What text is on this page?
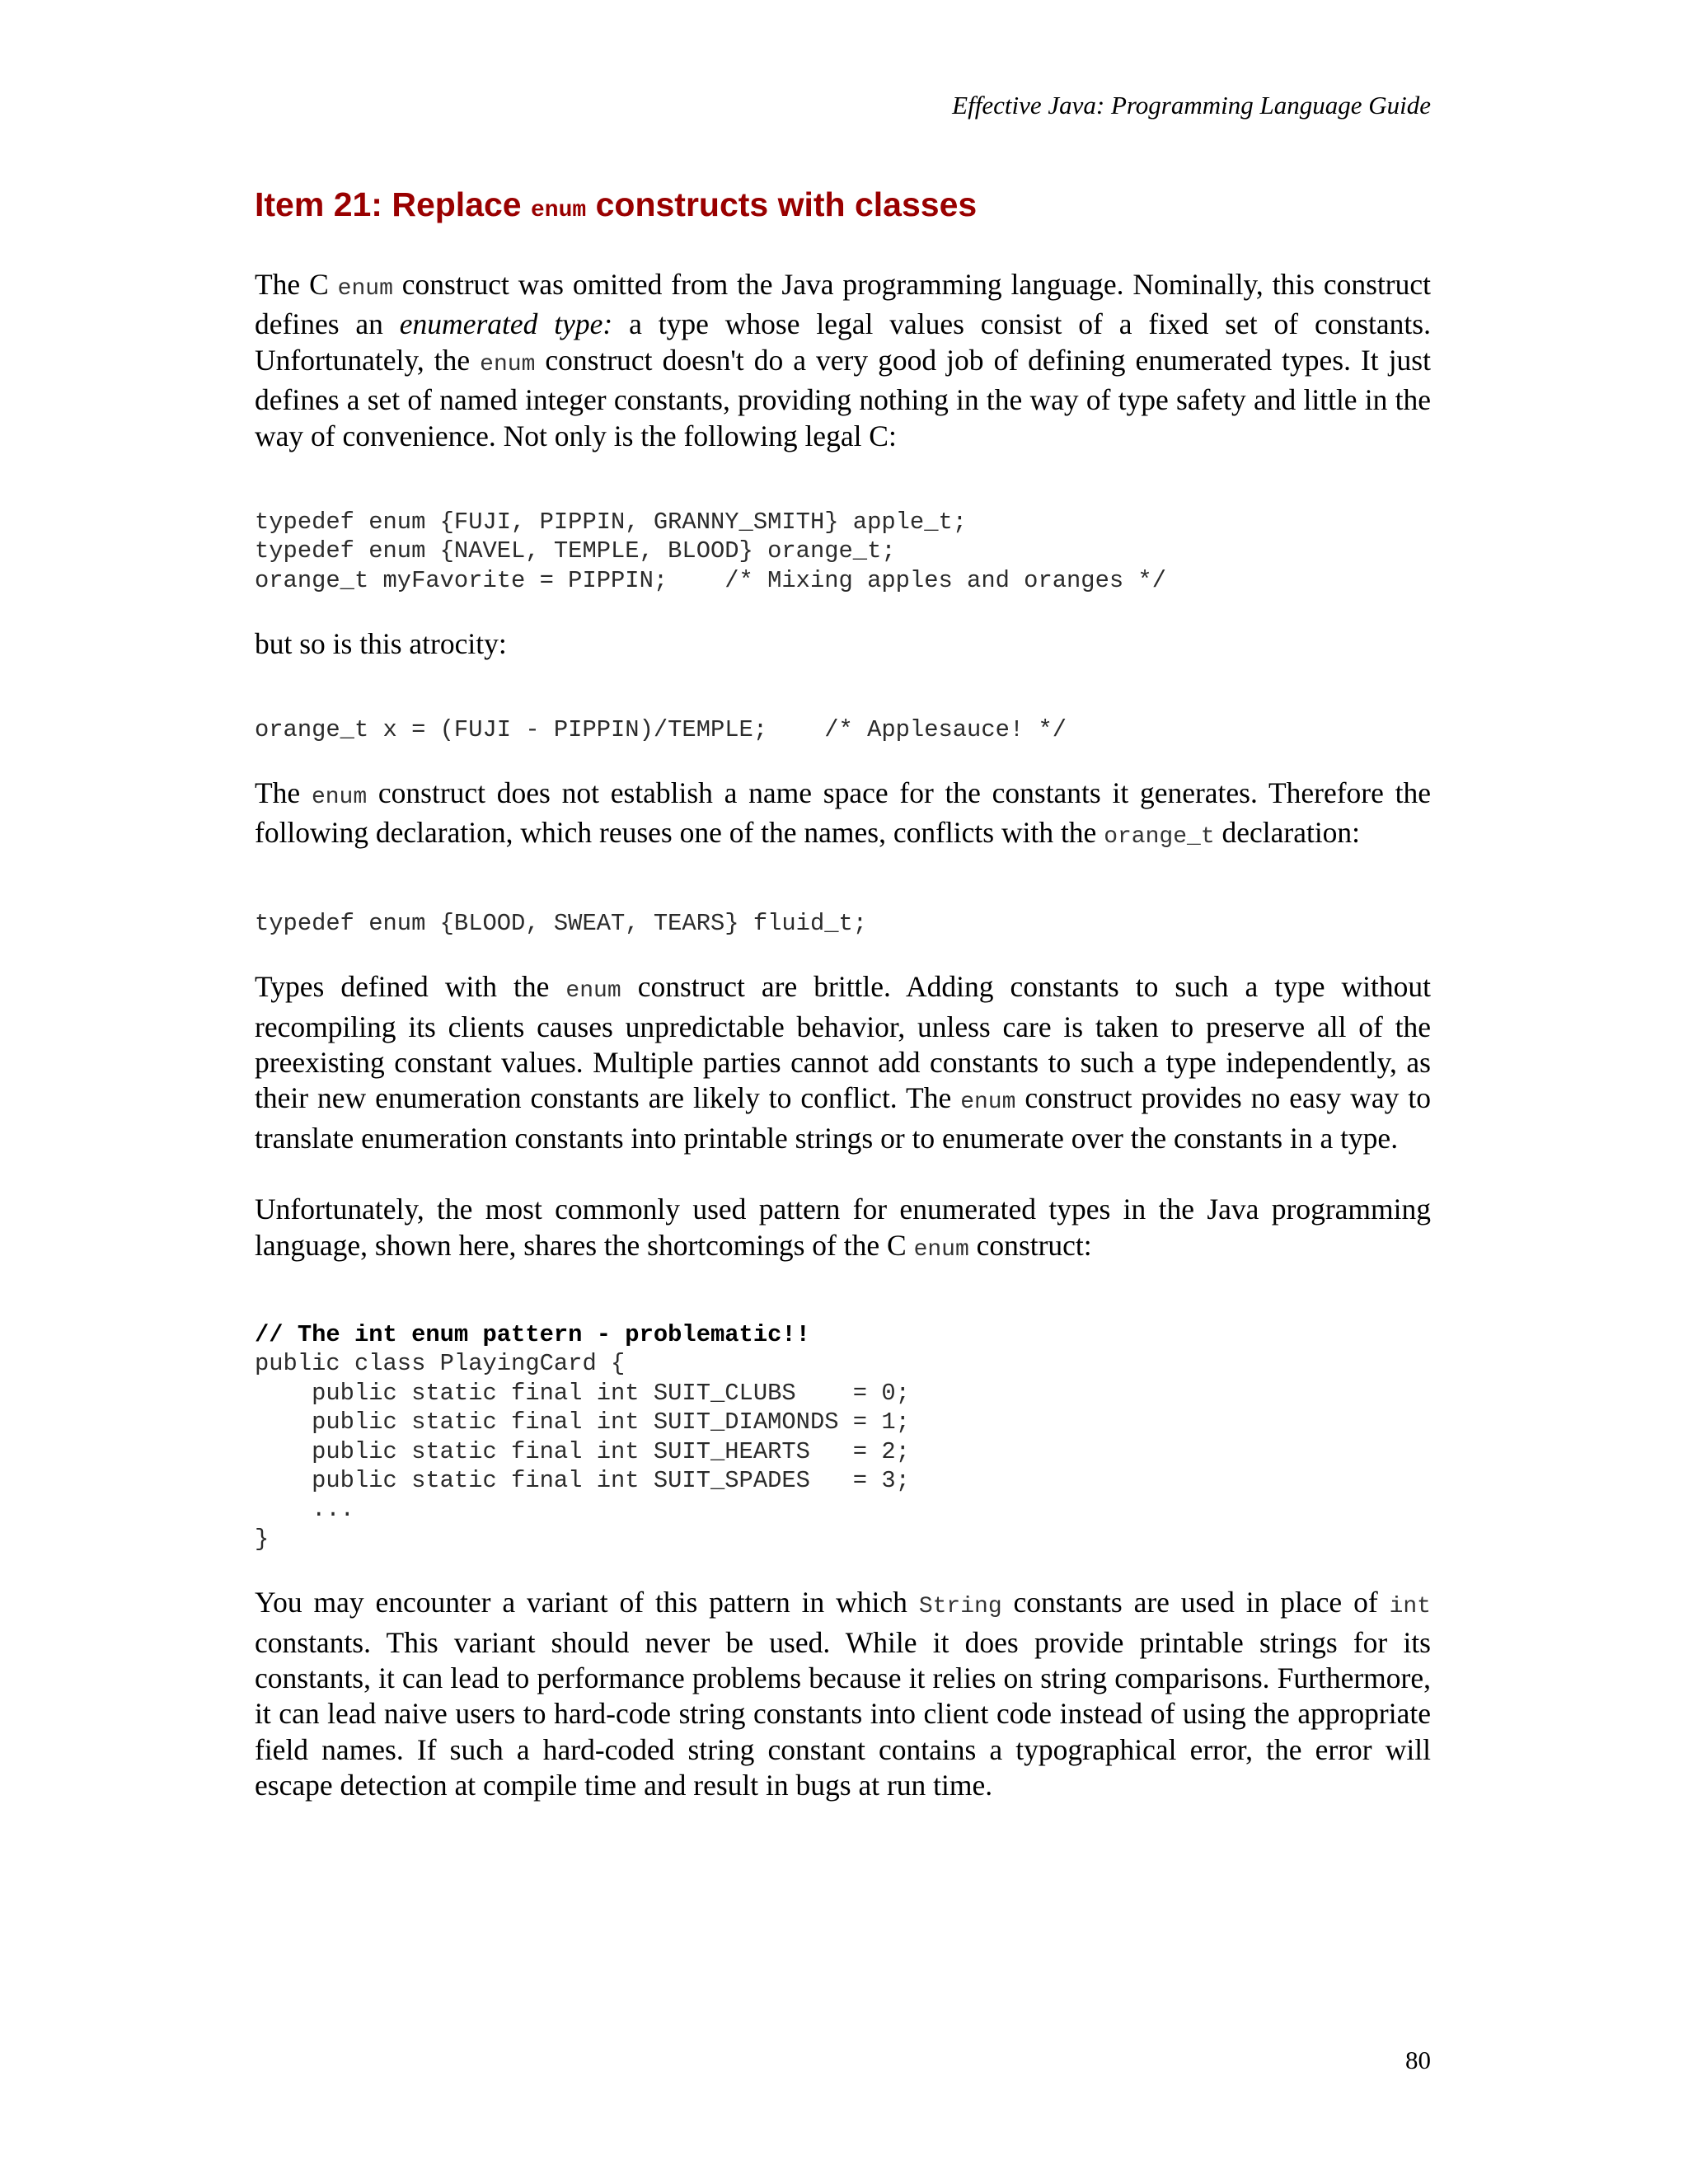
Effective Java: Programming Language Guide
Item 21: Replace enum constructs with classes

The C enum construct was omitted from the Java programming language. Nominally, this construct defines an enumerated type: a type whose legal values consist of a fixed set of constants. Unfortunately, the enum construct doesn't do a very good job of defining enumerated types. It just defines a set of named integer constants, providing nothing in the way of type safety and little in the way of convenience. Not only is the following legal C:

typedef enum {FUJI, PIPPIN, GRANNY_SMITH} apple_t;
typedef enum {NAVEL, TEMPLE, BLOOD} orange_t;
orange_t myFavorite = PIPPIN;    /* Mixing apples and oranges */

but so is this atrocity:

orange_t x = (FUJI - PIPPIN)/TEMPLE;    /* Applesauce! */

The enum construct does not establish a name space for the constants it generates. Therefore the following declaration, which reuses one of the names, conflicts with the orange_t declaration:

typedef enum {BLOOD, SWEAT, TEARS} fluid_t;

Types defined with the enum construct are brittle. Adding constants to such a type without recompiling its clients causes unpredictable behavior, unless care is taken to preserve all of the preexisting constant values. Multiple parties cannot add constants to such a type independently, as their new enumeration constants are likely to conflict. The enum construct provides no easy way to translate enumeration constants into printable strings or to enumerate over the constants in a type.

Unfortunately, the most commonly used pattern for enumerated types in the Java programming language, shown here, shares the shortcomings of the C enum construct:

// The int enum pattern - problematic!!
public class PlayingCard {
public static final int SUIT_CLUBS    = 0;
public static final int SUIT_DIAMONDS = 1;
public static final int SUIT_HEARTS   = 2;
public static final int SUIT_SPADES   = 3;
...
}

You may encounter a variant of this pattern in which String constants are used in place of int constants. This variant should never be used. While it does provide printable strings for its constants, it can lead to performance problems because it relies on string comparisons. Furthermore, it can lead naive users to hard-code string constants into client code instead of using the appropriate field names. If such a hard-coded string constant contains a typographical error, the error will escape detection at compile time and result in bugs at run time.

80
